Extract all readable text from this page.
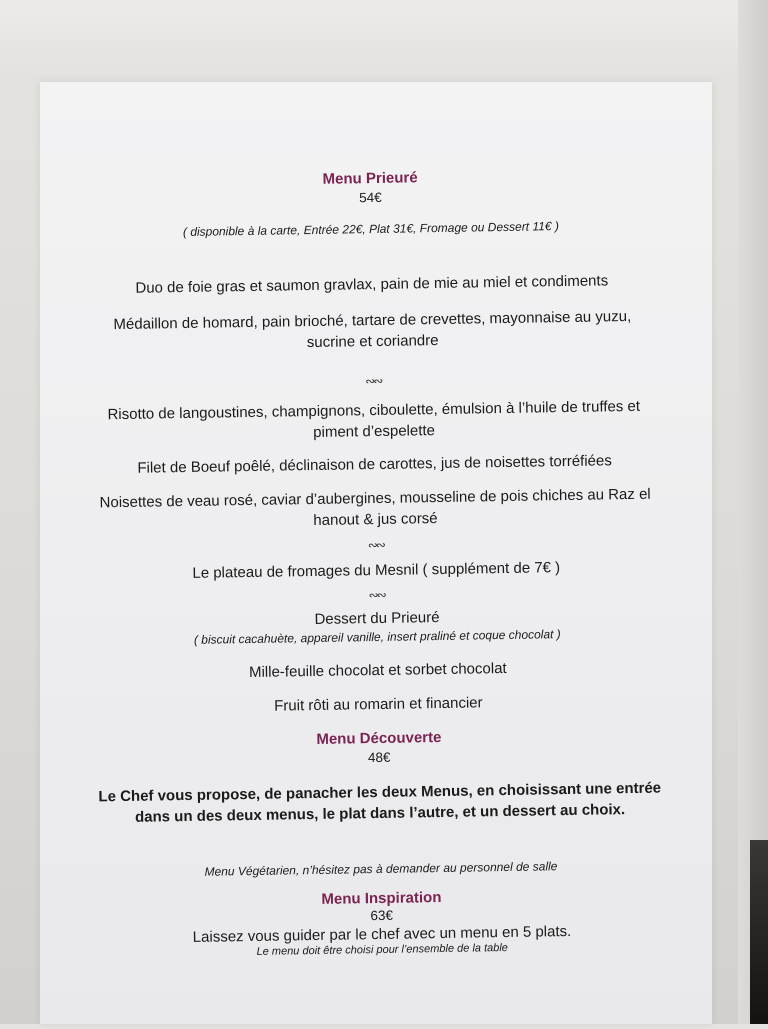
Menu Prieuré
54€
( disponible à la carte, Entrée 22€, Plat 31€, Fromage ou Dessert 11€ )
Duo de foie gras et saumon gravlax, pain de mie au miel et condiments
Médaillon de homard, pain brioché, tartare de crevettes, mayonnaise au yuzu, sucrine et coriandre
∾∾
Risotto de langoustines, champignons, ciboulette, émulsion à l’huile de truffes et piment d’espelette
Filet de Boeuf poêlé, déclinaison de carottes, jus de noisettes torréfiées
Noisettes de veau rosé, caviar d’aubergines, mousseline de pois chiches au Raz el hanout & jus corsé
∾∾
Le plateau de fromages du Mesnil ( supplément de 7€ )
∾∾
Dessert du Prieuré
( biscuit cacahuète, appareil vanille, insert praliné et coque chocolat )
Mille-feuille chocolat et sorbet chocolat
Fruit rôti au romarin et financier
Menu Découverte
48€
Le Chef vous propose, de panacher les deux Menus, en choisissant une entrée dans un des deux menus, le plat dans l’autre, et un dessert au choix.
Menu Végétarien, n’hésitez pas à demander au personnel de salle
Menu Inspiration
63€
Laissez vous guider par le chef avec un menu en 5 plats.
Le menu doit être choisi pour l’ensemble de la table
